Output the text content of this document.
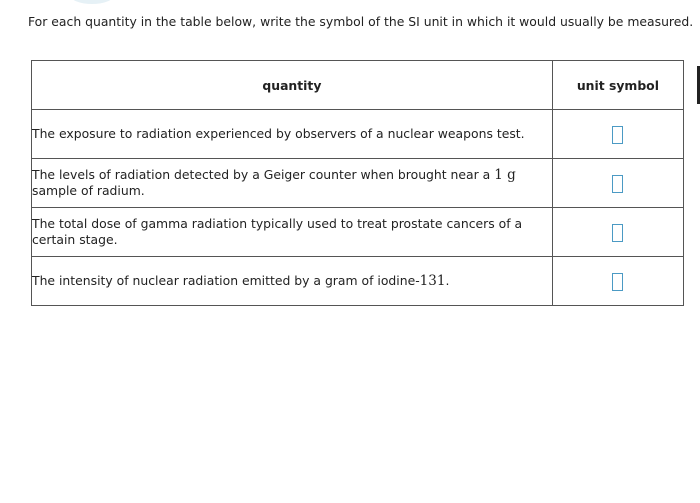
For each quantity in the table below, write the symbol of the SI unit in which it would usually be measured.
quantity	unit symbol
The exposure to radiation experienced by observers of a nuclear weapons test.	
The levels of radiation detected by a Geiger counter when brought near a 1 g sample of radium.	
The total dose of gamma radiation typically used to treat prostate cancers of a certain stage.	
The intensity of nuclear radiation emitted by a gram of iodine-131.	
